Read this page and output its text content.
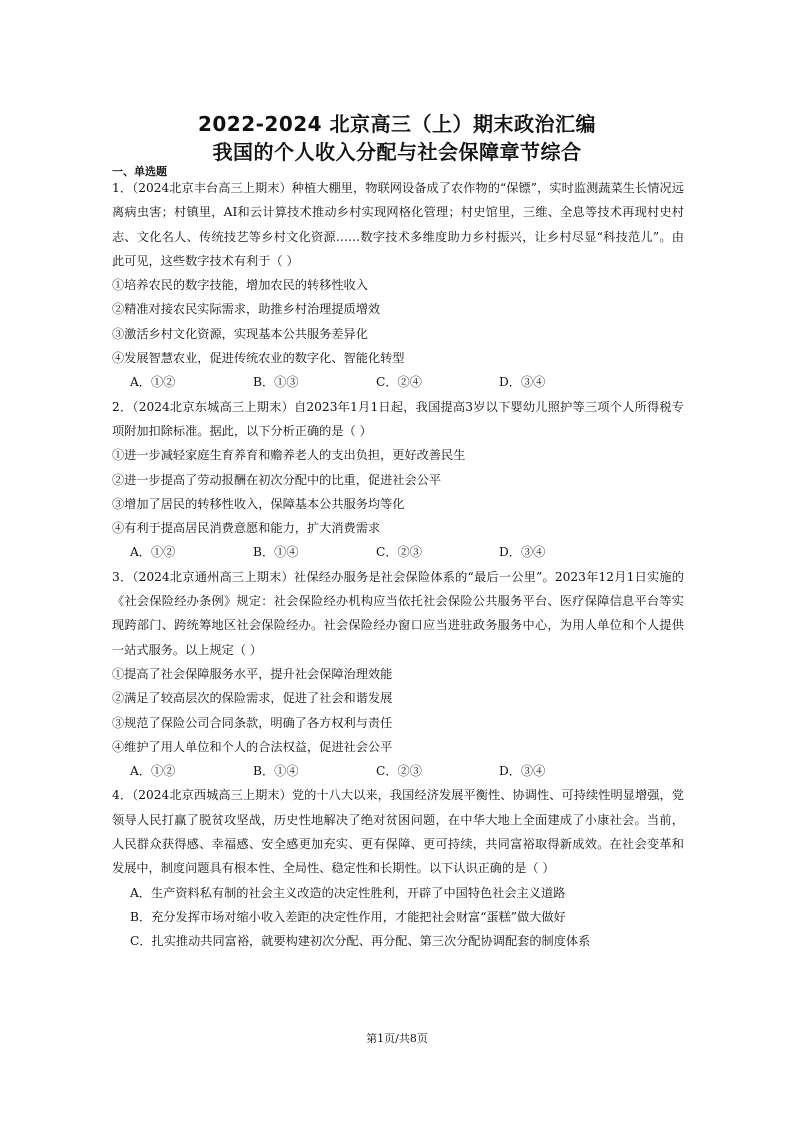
2022-2024 北京高三（上）期末政治汇编
我国的个人收入分配与社会保障章节综合
一、单选题

1．（2024北京丰台高三上期末）种植大棚里，物联网设备成了农作物的“保镖”，实时监测蔬菜生长情况远离病虫害；村镇里，AI和云计算技术推动乡村实现网格化管理；村史馆里，三维、全息等技术再现村史村志、文化名人、传统技艺等乡村文化资源……数字技术多维度助力乡村振兴，让乡村尽显“科技范儿”。由此可见，这些数字技术有利于（ ）

①培养农民的数字技能，增加农民的转移性收入

②精准对接农民实际需求，助推乡村治理提质增效

③激活乡村文化资源，实现基本公共服务差异化

④发展智慧农业，促进传统农业的数字化、智能化转型

A．①②	B．①③	C．②④	D．③④

2．（2024北京东城高三上期末）自2023年1月1日起，我国提高3岁以下婴幼儿照护等三项个人所得税专项附加扣除标准。据此，以下分析正确的是（ ）

①进一步减轻家庭生育养育和赡养老人的支出负担，更好改善民生

②进一步提高了劳动报酬在初次分配中的比重，促进社会公平

③增加了居民的转移性收入，保障基本公共服务均等化

④有利于提高居民消费意愿和能力，扩大消费需求

A．①②	B．①④	C．②③	D．③④

3．（2024北京通州高三上期末）社保经办服务是社会保险体系的“最后一公里”。2023年12月1日实施的《社会保险经办条例》规定：社会保险经办机构应当依托社会保险公共服务平台、医疗保障信息平台等实现跨部门、跨统筹地区社会保险经办。社会保险经办窗口应当进驻政务服务中心，为用人单位和个人提供一站式服务。以上规定（ ）

①提高了社会保障服务水平，提升社会保障治理效能

②满足了较高层次的保险需求，促进了社会和谐发展

③规范了保险公司合同条款，明确了各方权利与责任

④维护了用人单位和个人的合法权益，促进社会公平

A．①②	B．①④	C．②③	D．③④

4．（2024北京西城高三上期末）党的十八大以来，我国经济发展平衡性、协调性、可持续性明显增强，党领导人民打赢了脱贫攻坚战，历史性地解决了绝对贫困问题，在中华大地上全面建成了小康社会。当前，人民群众获得感、幸福感、安全感更加充实、更有保障、更可持续，共同富裕取得新成效。在社会变革和发展中，制度问题具有根本性、全局性、稳定性和长期性。以下认识正确的是（ ）

A．生产资料私有制的社会主义改造的决定性胜利，开辟了中国特色社会主义道路

B．充分发挥市场对缩小收入差距的决定性作用，才能把社会财富“蛋糕”做大做好

C．扎实推动共同富裕，就要构建初次分配、再分配、第三次分配协调配套的制度体系

第1页/共8页
